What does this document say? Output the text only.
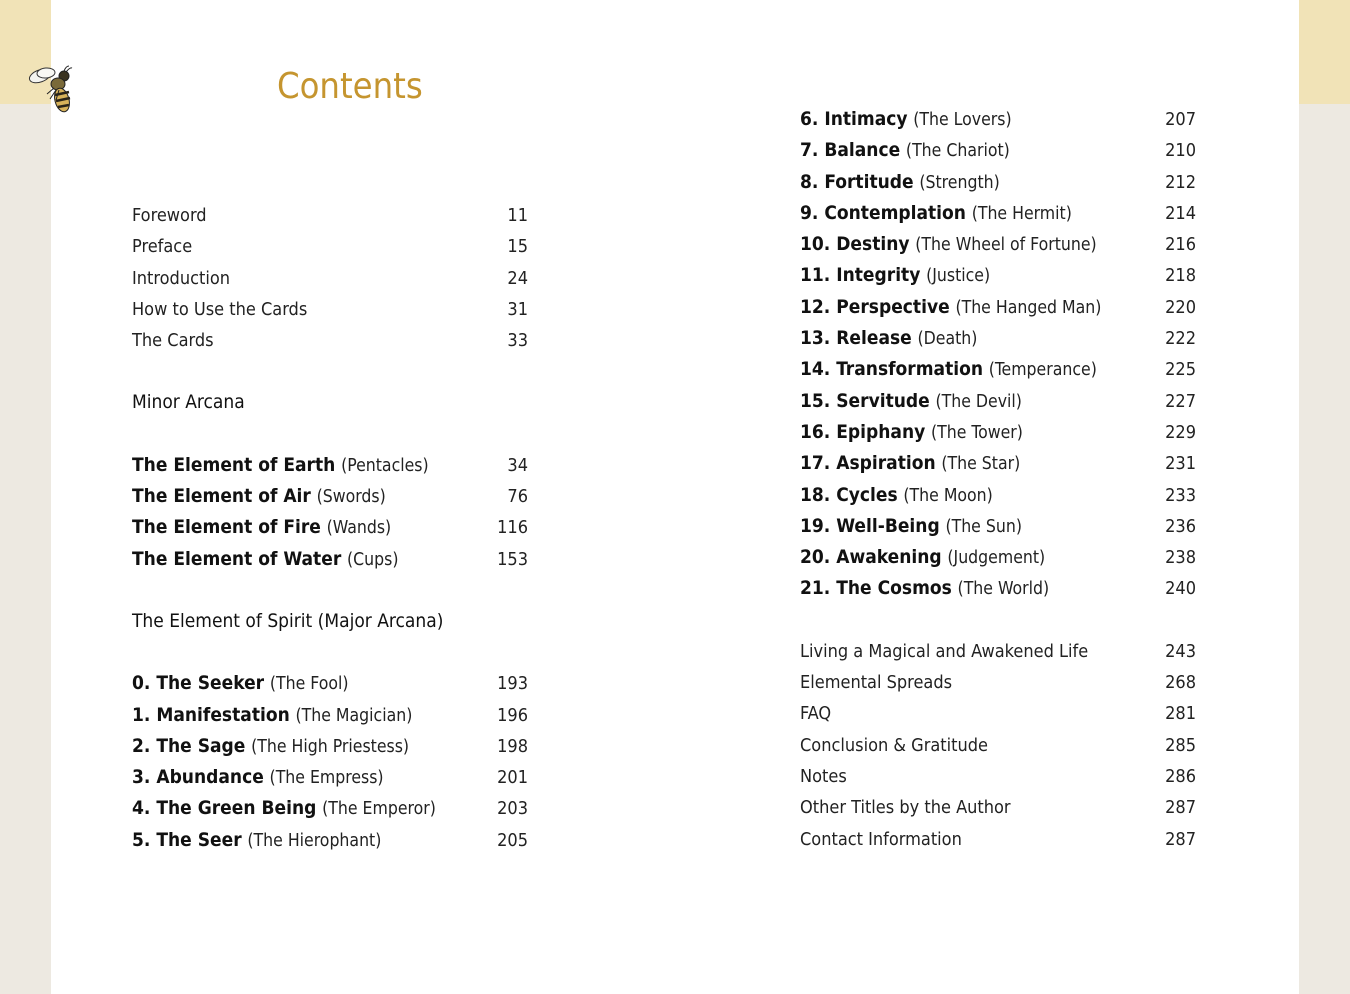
Contents
Foreword	11
Preface	15
Introduction	24
How to Use the Cards	31
The Cards	33
Minor Arcana
The Element of Earth (Pentacles)	34
The Element of Air (Swords)	76
The Element of Fire (Wands)	116
The Element of Water (Cups)	153
The Element of Spirit (Major Arcana)
0. The Seeker (The Fool)	193
1. Manifestation (The Magician)	196
2. The Sage (The High Priestess)	198
3. Abundance (The Empress)	201
4. The Green Being (The Emperor)	203
5. The Seer (The Hierophant)	205
6. Intimacy (The Lovers)	207
7. Balance (The Chariot)	210
8. Fortitude (Strength)	212
9. Contemplation (The Hermit)	214
10. Destiny (The Wheel of Fortune)	216
11. Integrity (Justice)	218
12. Perspective (The Hanged Man)	220
13. Release (Death)	222
14. Transformation (Temperance)	225
15. Servitude (The Devil)	227
16. Epiphany (The Tower)	229
17. Aspiration (The Star)	231
18. Cycles (The Moon)	233
19. Well-Being (The Sun)	236
20. Awakening (Judgement)	238
21. The Cosmos (The World)	240
Living a Magical and Awakened Life	243
Elemental Spreads	268
FAQ	281
Conclusion & Gratitude	285
Notes	286
Other Titles by the Author	287
Contact Information	287
